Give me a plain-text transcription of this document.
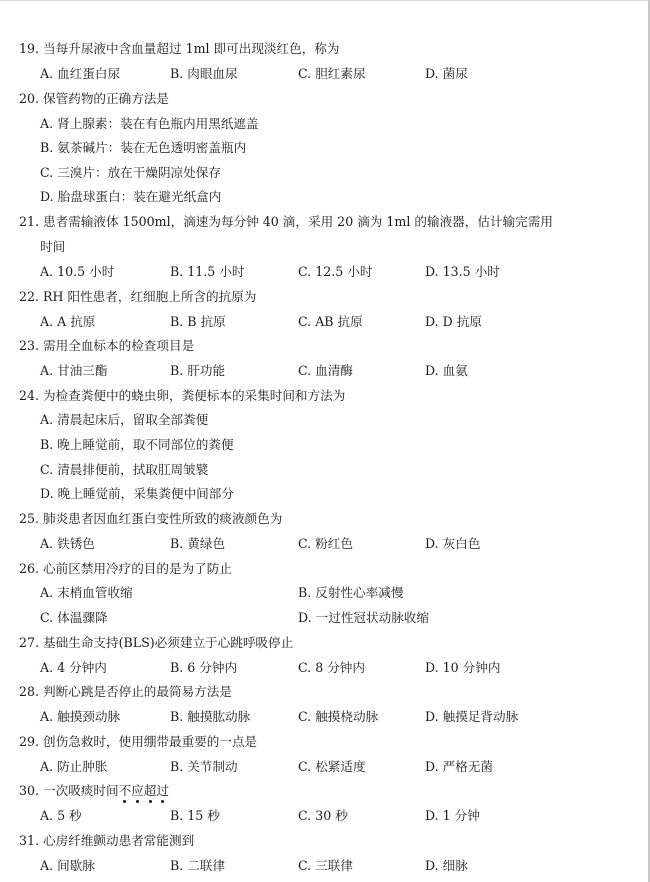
19. 当每升尿液中含血量超过 1ml 即可出现淡红色，称为
A. 血红蛋白尿	B. 肉眼血尿	C. 胆红素尿	D. 菌尿
20. 保管药物的正确方法是
A. 肾上腺素：装在有色瓶内用黑纸遮盖
B. 氨茶碱片：装在无色透明密盖瓶内
C. 三溴片：放在干燥阴凉处保存
D. 胎盘球蛋白：装在避光纸盒内
21. 患者需输液体 1500ml，滴速为每分钟 40 滴，采用 20 滴为 1ml 的输液器，估计输完需用
时间
A. 10.5 小时	B. 11.5 小时	C. 12.5 小时	D. 13.5 小时
22. RH 阳性患者，红细胞上所含的抗原为
A. A 抗原	B. B 抗原	C. AB 抗原	D. D 抗原
23. 需用全血标本的检查项目是
A. 甘油三酯	B. 肝功能	C. 血清酶	D. 血氨
24. 为检查粪便中的蛲虫卵，粪便标本的采集时间和方法为
A. 清晨起床后，留取全部粪便
B. 晚上睡觉前，取不同部位的粪便
C. 清晨排便前，拭取肛周皱襞
D. 晚上睡觉前，采集粪便中间部分
25. 肺炎患者因血红蛋白变性所致的痰液颜色为
A. 铁锈色	B. 黄绿色	C. 粉红色	D. 灰白色
26. 心前区禁用冷疗的目的是为了防止
A. 末梢血管收缩	B. 反射性心率减慢
C. 体温骤降	D. 一过性冠状动脉收缩
27. 基础生命支持(BLS)必须建立于心跳呼吸停止
A. 4 分钟内	B. 6 分钟内	C. 8 分钟内	D. 10 分钟内
28. 判断心跳是否停止的最简易方法是
A. 触摸颈动脉	B. 触摸肱动脉	C. 触摸桡动脉	D. 触摸足背动脉
29. 创伤急救时，使用绷带最重要的一点是
A. 防止肿胀	B. 关节制动	C. 松紧适度	D. 严格无菌
30. 一次吸痰时间不应超过
A. 5 秒	B. 15 秒	C. 30 秒	D. 1 分钟
31. 心房纤维颤动患者常能测到
A. 间歇脉	B. 二联律	C. 三联律	D. 细脉
